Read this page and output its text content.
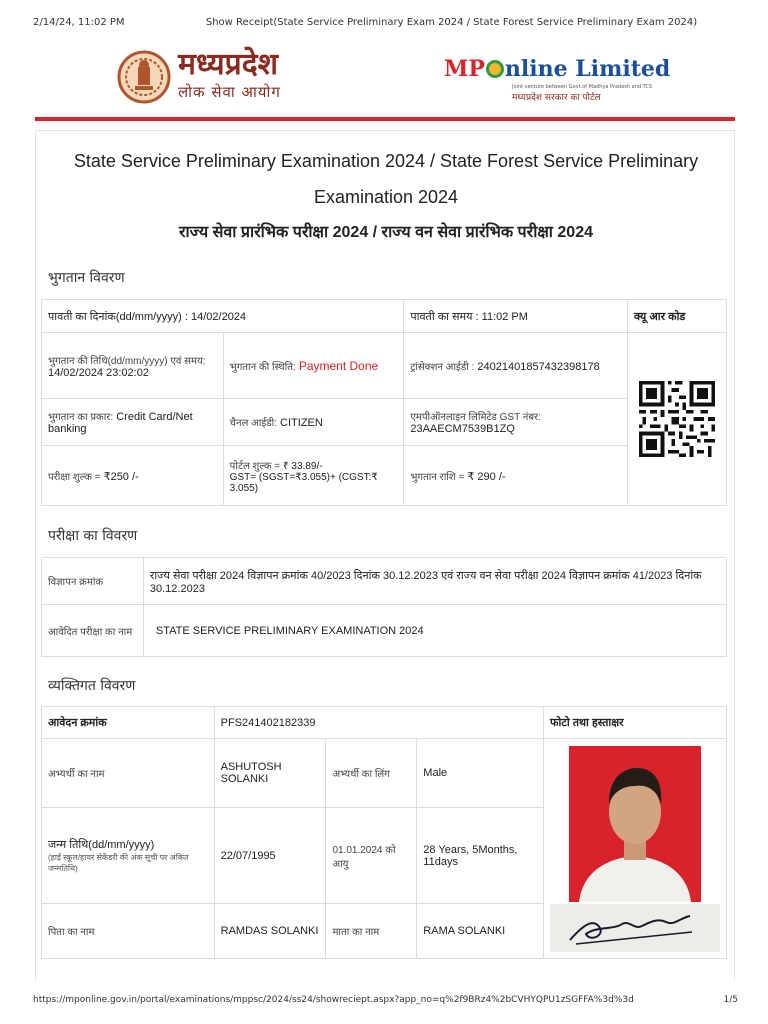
2/14/24, 11:02 PM	Show Receipt(State Service Preliminary Exam 2024 / State Forest Service Preliminary Exam 2024)
मध्यप्रदेश
लोक सेवा आयोग
MP nline Limited
Joint venture between Govt.of Madhya Pradesh and TCS
मध्यप्रदेश सरकार का पोर्टल
State Service Preliminary Examination 2024 / State Forest Service Preliminary Examination 2024
राज्य सेवा प्रारंभिक परीक्षा 2024 / राज्य वन सेवा प्रारंभिक परीक्षा 2024
भुगतान विवरण
पावती का दिनांक(dd/mm/yyyy) : 14/02/2024		पावती का समय : 11:02 PM	क्यू आर कोड

भुगतान की तिथि(dd/mm/yyyy) एवं समय:
14/02/2024 23:02:02	भुगतान की स्थिति: Payment Done	ट्रांसेक्शन आईडी : 24021401857432398178	

भुगतान का प्रकार: Credit Card/Net banking	चैनल आईडी: CITIZEN	एमपीऑनलाइन लिमिटेड GST नंबर:
23AAECM7539B1ZQ	

परीक्षा शुल्क = ₹250 /-	पोर्टल शुल्क = ₹ 33.89/-
GST= (SGST=₹3.055)+ (CGST:₹ 3.055)	भुगतान राशि = ₹ 290 /-	
परीक्षा का विवरण
विज्ञापन क्रमांक	राज्य सेवा परीक्षा 2024 विज्ञापन क्रमांक 40/2023 दिनांक 30.12.2023 एवं राज्य वन सेवा परीक्षा 2024 विज्ञापन क्रमांक 41/2023 दिनांक 30.12.2023
आवेदित परीक्षा का नाम	STATE SERVICE PRELIMINARY EXAMINATION 2024
व्यक्तिगत विवरण
आवेदन क्रमांक	PFS241402182339			फोटो तथा हस्ताक्षर
अभ्यर्थी का नाम	ASHUTOSH SOLANKI	अभ्यर्थी का लिंग	Male	

जन्म तिथि(dd/mm/yyyy)
(हाई स्कूल/हायर सेकेंडरी की अंक सूची पर अंकित जन्मतिथि)	22/07/1995	01.01.2024 को आयु	28 Years, 5Months, 11days	
पिता का नाम	RAMDAS SOLANKI	माता का नाम	RAMA SOLANKI	
https://mponline.gov.in/portal/examinations/mppsc/2024/ss24/showreciept.aspx?app_no=q%2f9BRz4%2bCVHYQPU1zSGFFA%3d%3d	1/5
